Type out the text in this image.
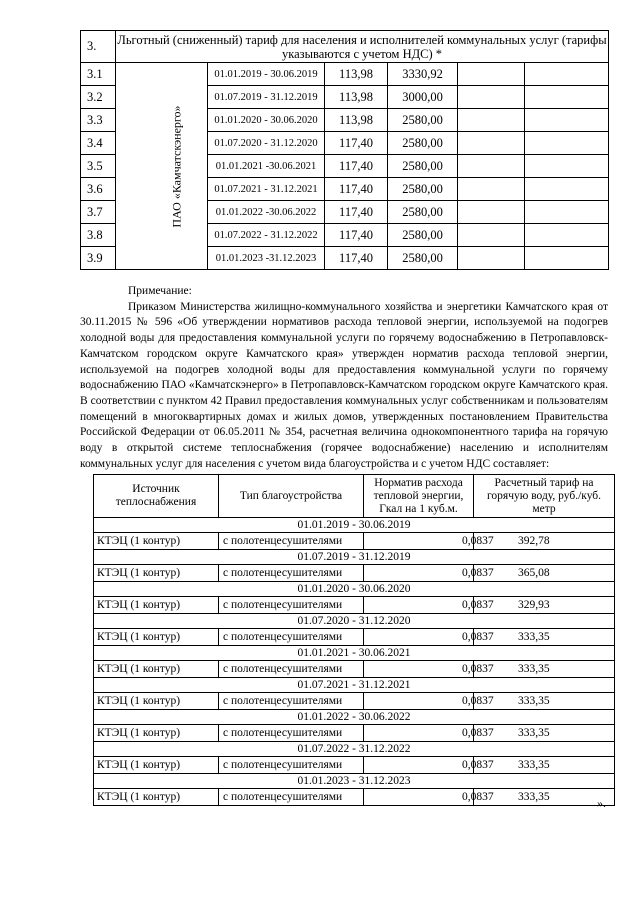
3.	Льготный (сниженный) тариф для населения и исполнителей коммунальных услуг (тарифы указываются с учетом НДС) *					
3.1	ПАО «Камчатскэнерго»	01.01.2019 - 30.06.2019	113,98	3330,92		
3.2		01.07.2019 - 31.12.2019	113,98	3000,00		
3.3		01.01.2020 - 30.06.2020	113,98	2580,00		
3.4		01.07.2020 - 31.12.2020	117,40	2580,00		
3.5		01.01.2021 -30.06.2021	117,40	2580,00		
3.6		01.07.2021 - 31.12.2021	117,40	2580,00		
3.7		01.01.2022 -30.06.2022	117,40	2580,00		
3.8		01.07.2022 - 31.12.2022	117,40	2580,00		
3.9		01.01.2023 -31.12.2023	117,40	2580,00		
Примечание:

Приказом Министерства жилищно-коммунального хозяйства и энергетики Камчатского края от 30.11.2015 № 596 «Об утверждении нормативов расхода тепловой энергии, используемой на подогрев холодной воды для предоставления коммунальной услуги по горячему водоснабжению в Петропавловск-Камчатском городском округе Камчатского края» утвержден норматив расхода тепловой энергии, используемой на подогрев холодной воды для предоставления коммунальной услуги по горячему водоснабжению ПАО «Камчатскэнерго» в Петропавловск-Камчатском городском округе Камчатского края. В соответствии с пунктом 42 Правил предоставления коммунальных услуг собственникам и пользователям помещений в многоквартирных домах и жилых домов, утвержденных постановлением Правительства Российской Федерации от 06.05.2011 № 354, расчетная величина однокомпонентного тарифа на горячую воду в открытой системе теплоснабжения (горячее водоснабжение) населению и исполнителям коммунальных услуг для населения с учетом вида благоустройства и с учетом НДС составляет:

Источник теплоснабжения	Тип благоустройства	Норматив расхода тепловой энергии, Гкал на 1 куб.м.	Расчетный тариф на горячую воду, руб./куб. метр
01.01.2019 - 30.06.2019			
КТЭЦ (1 контур)	с полотенцесушителями	0,0837	392,78
01.07.2019 - 31.12.2019			
КТЭЦ (1 контур)	с полотенцесушителями	0,0837	365,08
01.01.2020 - 30.06.2020			
КТЭЦ (1 контур)	с полотенцесушителями	0,0837	329,93
01.07.2020 - 31.12.2020			
КТЭЦ (1 контур)	с полотенцесушителями	0,0837	333,35
01.01.2021 - 30.06.2021			
КТЭЦ (1 контур)	с полотенцесушителями	0,0837	333,35
01.07.2021 - 31.12.2021			
КТЭЦ (1 контур)	с полотенцесушителями	0,0837	333,35
01.01.2022 - 30.06.2022			
КТЭЦ (1 контур)	с полотенцесушителями	0,0837	333,35
01.07.2022 - 31.12.2022			
КТЭЦ (1 контур)	с полотенцесушителями	0,0837	333,35
01.01.2023 - 31.12.2023			
КТЭЦ (1 контур)	с полотенцесушителями	0,0837	333,35	».
